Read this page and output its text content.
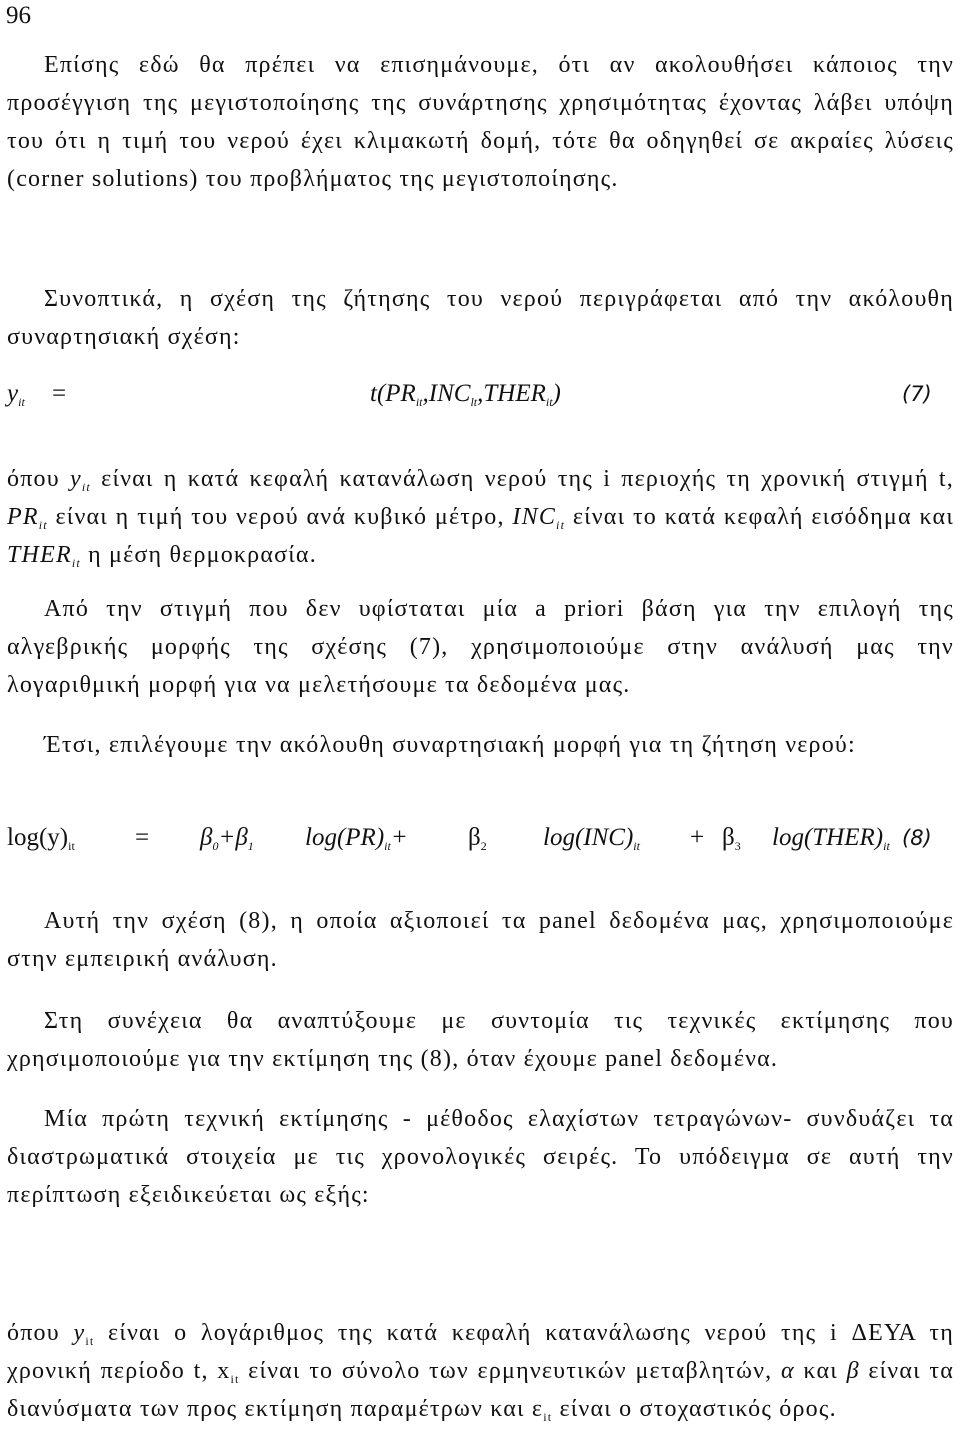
96

Επίσης εδώ θα πρέπει να επισημάνουμε, ότι αν ακολουθήσει κάποιος την προσέγγιση της μεγιστοποίησης της συνάρτησης χρησιμότητας έχοντας λάβει υπόψη του ότι η τιμή του νερού έχει κλιμακωτή δομή, τότε θα οδηγηθεί σε ακραίες λύσεις (corner solutions) του προβλήματος της μεγιστοποίησης.

Συνοπτικά, η σχέση της ζήτησης του νερού περιγράφεται από την ακόλουθη συναρτησιακή σχέση:

$y_{it}$ =	$t(PR_{it},INC_{lt},THER_{it})$	(7)

όπου $y_{it}$ είναι η κατά κεφαλή κατανάλωση νερού της i περιοχής τη χρονική στιγμή t, $PR_{it}$ είναι η τιμή του νερού ανά κυβικό μέτρο, $INC_{it}$ είναι το κατά κεφαλή εισόδημα και $THER_{it}$ η μέση θερμοκρασία.

Από την στιγμή που δεν υφίσταται μία a priori βάση για την επιλογή της αλγεβρικής μορφής της σχέσης (7), χρησιμοποιούμε στην ανάλυσή μας την λογαριθμική μορφή για να μελετήσουμε τα δεδομένα μας.

Έτσι, επιλέγουμε την ακόλουθη συναρτησιακή μορφή για τη ζήτηση νερού:

$\log(y)_{it} = \beta_0+\beta_1$ $\log(PR)_{it}+ \beta_2$ $\log(INC)_{it} + \beta_3$ $\log(THER)_{it}$ (8)

Αυτή την σχέση (8), η οποία αξιοποιεί τα panel δεδομένα μας, χρησιμοποιούμε στην εμπειρική ανάλυση.

Στη συνέχεια θα αναπτύξουμε με συντομία τις τεχνικές εκτίμησης που χρησιμοποιούμε για την εκτίμηση της (8), όταν έχουμε panel δεδομένα.

Μία πρώτη τεχνική εκτίμησης - μέθοδος ελαχίστων τετραγώνων- συνδυάζει τα διαστρωματικά στοιχεία με τις χρονολογικές σειρές. Το υπόδειγμα σε αυτή την περίπτωση εξειδικεύεται ως εξής:

όπου $y_{it}$ είναι ο λογάριθμος της κατά κεφαλή κατανάλωσης νερού της i ΔΕΥΑ τη χρονική περίοδο t, $x_{it}$ είναι το σύνολο των ερμηνευτικών μεταβλητών, α και β είναι τα διανύσματα των προς εκτίμηση παραμέτρων και $\varepsilon_{it}$ είναι ο στοχαστικός όρος.
